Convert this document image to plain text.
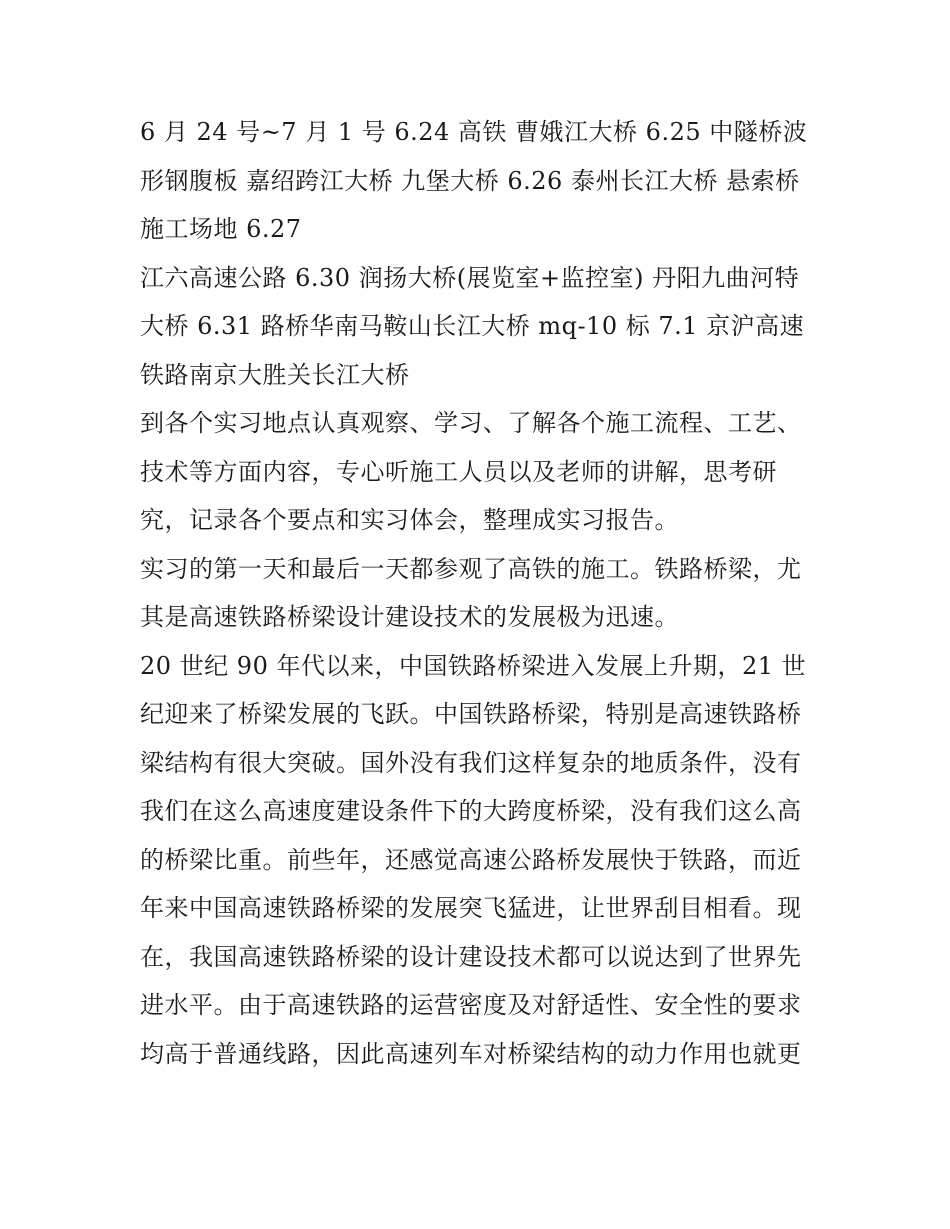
6 月 24 号~7 月 1 号 6.24 高铁 曹娥江大桥 6.25 中隧桥波形钢腹板 嘉绍跨江大桥 九堡大桥 6.26 泰州长江大桥 悬索桥施工场地 6.27

江六高速公路 6.30 润扬大桥(展览室+监控室) 丹阳九曲河特大桥 6.31 路桥华南马鞍山长江大桥 mq-10 标 7.1 京沪高速铁路南京大胜关长江大桥

到各个实习地点认真观察、学习、了解各个施工流程、工艺、技术等方面内容，专心听施工人员以及老师的讲解，思考研究，记录各个要点和实习体会，整理成实习报告。

实习的第一天和最后一天都参观了高铁的施工。铁路桥梁，尤其是高速铁路桥梁设计建设技术的发展极为迅速。

20 世纪 90 年代以来，中国铁路桥梁进入发展上升期，21 世纪迎来了桥梁发展的飞跃。中国铁路桥梁，特别是高速铁路桥梁结构有很大突破。国外没有我们这样复杂的地质条件，没有我们在这么高速度建设条件下的大跨度桥梁，没有我们这么高的桥梁比重。前些年，还感觉高速公路桥发展快于铁路，而近年来中国高速铁路桥梁的发展突飞猛进，让世界刮目相看。现在，我国高速铁路桥梁的设计建设技术都可以说达到了世界先进水平。由于高速铁路的运营密度及对舒适性、安全性的要求均高于普通线路，因此高速列车对桥梁结构的动力作用也就更
